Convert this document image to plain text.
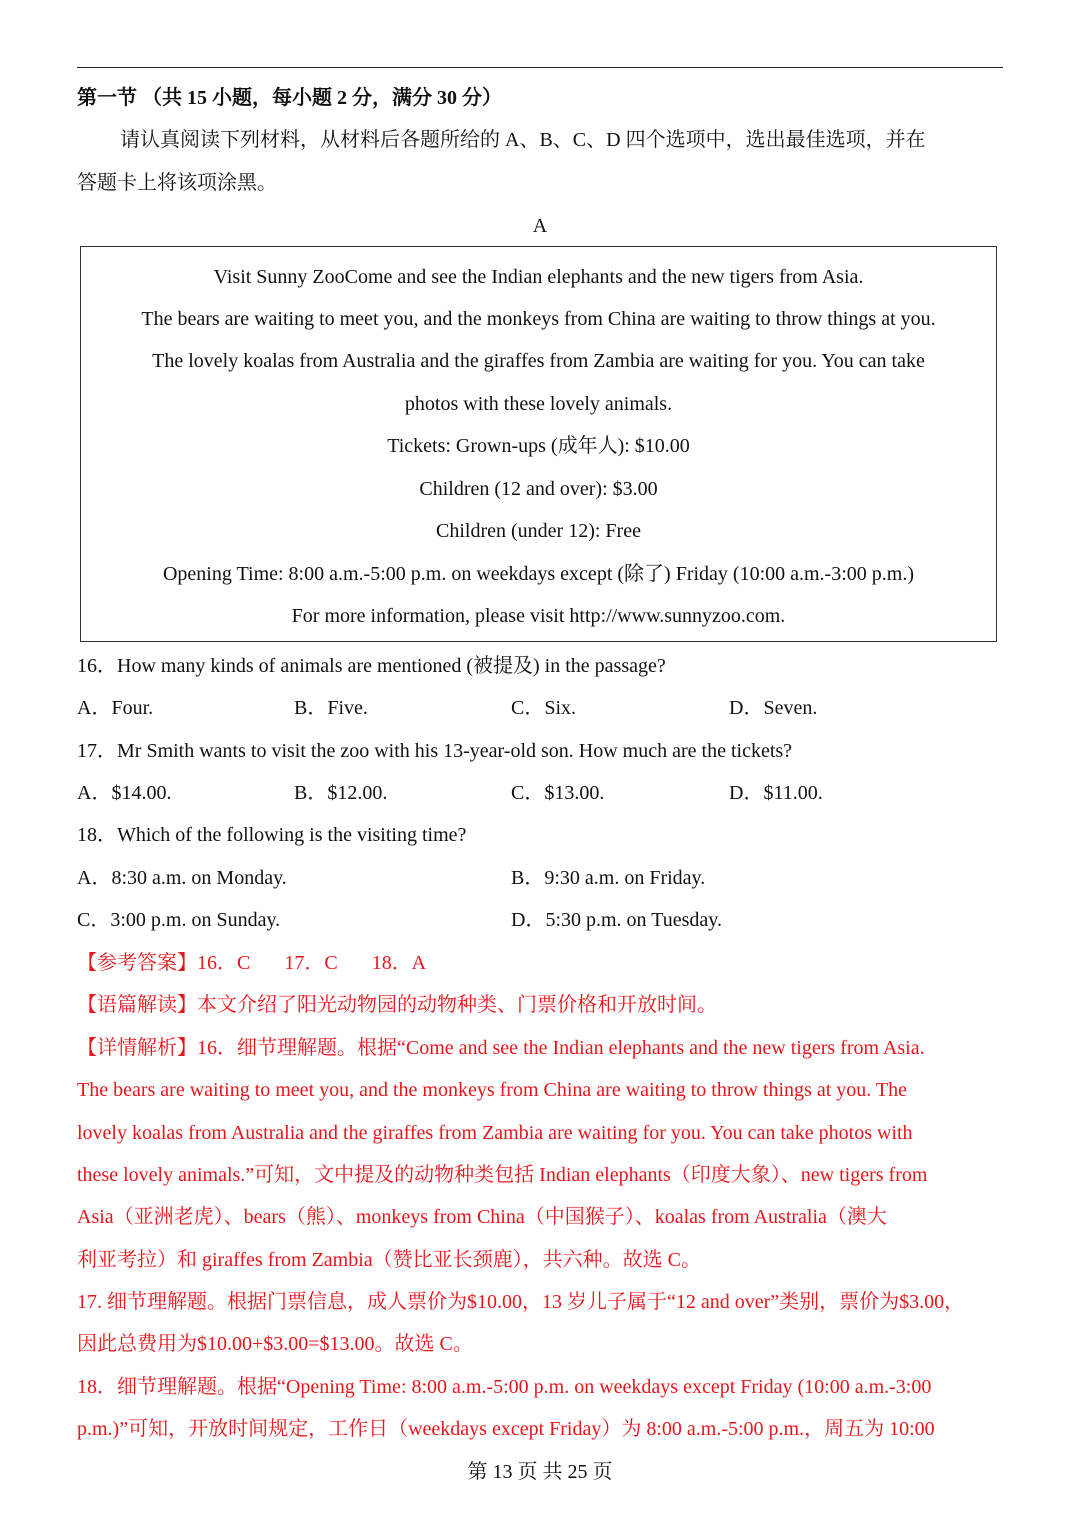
第一节 （共 15 小题，每小题 2 分，满分 30 分）
请认真阅读下列材料，从材料后各题所给的 A、B、C、D 四个选项中，选出最佳选项，并在
答题卡上将该项涂黑。
A
Visit Sunny ZooCome and see the Indian elephants and the new tigers from Asia.
The bears are waiting to meet you, and the monkeys from China are waiting to throw things at you.
The lovely koalas from Australia and the giraffes from Zambia are waiting for you. You can take
photos with these lovely animals.
Tickets: Grown-ups (成年人): $10.00
Children (12 and over): $3.00
Children (under 12): Free
Opening Time: 8:00 a.m.-5:00 p.m. on weekdays except (除了) Friday (10:00 a.m.-3:00 p.m.)
For more information, please visit http://www.sunnyzoo.com.
16．How many kinds of animals are mentioned (被提及) in the passage?
A．Four.	B．Five.	C．Six.	D．Seven.
17．Mr Smith wants to visit the zoo with his 13-year-old son. How much are the tickets?
A．$14.00.	B．$12.00.	C．$13.00.	D．$11.00.
18．Which of the following is the visiting time?
A．8:30 a.m. on Monday.	B．9:30 a.m. on Friday.
C．3:00 p.m. on Sunday.	D．5:30 p.m. on Tuesday.
【参考答案】16．C 17．C 18．A
【语篇解读】本文介绍了阳光动物园的动物种类、门票价格和开放时间。
【详情解析】16．细节理解题。根据“Come and see the Indian elephants and the new tigers from Asia.
The bears are waiting to meet you, and the monkeys from China are waiting to throw things at you. The
lovely koalas from Australia and the giraffes from Zambia are waiting for you. You can take photos with
these lovely animals.”可知，文中提及的动物种类包括 Indian elephants（印度大象）、new tigers from
Asia（亚洲老虎）、bears（熊）、monkeys from China（中国猴子）、koalas from Australia（澳大
利亚考拉）和 giraffes from Zambia（赞比亚长颈鹿），共六种。故选 C。
17. 细节理解题。根据门票信息，成人票价为$10.00，13 岁儿子属于“12 and over”类别，票价为$3.00，
因此总费用为$10.00+$3.00=$13.00。故选 C。
18．细节理解题。根据“Opening Time: 8:00 a.m.-5:00 p.m. on weekdays except Friday (10:00 a.m.-3:00
p.m.)”可知，开放时间规定，工作日（weekdays except Friday）为 8:00 a.m.-5:00 p.m.，周五为 10:00
第 13 页 共 25 页
